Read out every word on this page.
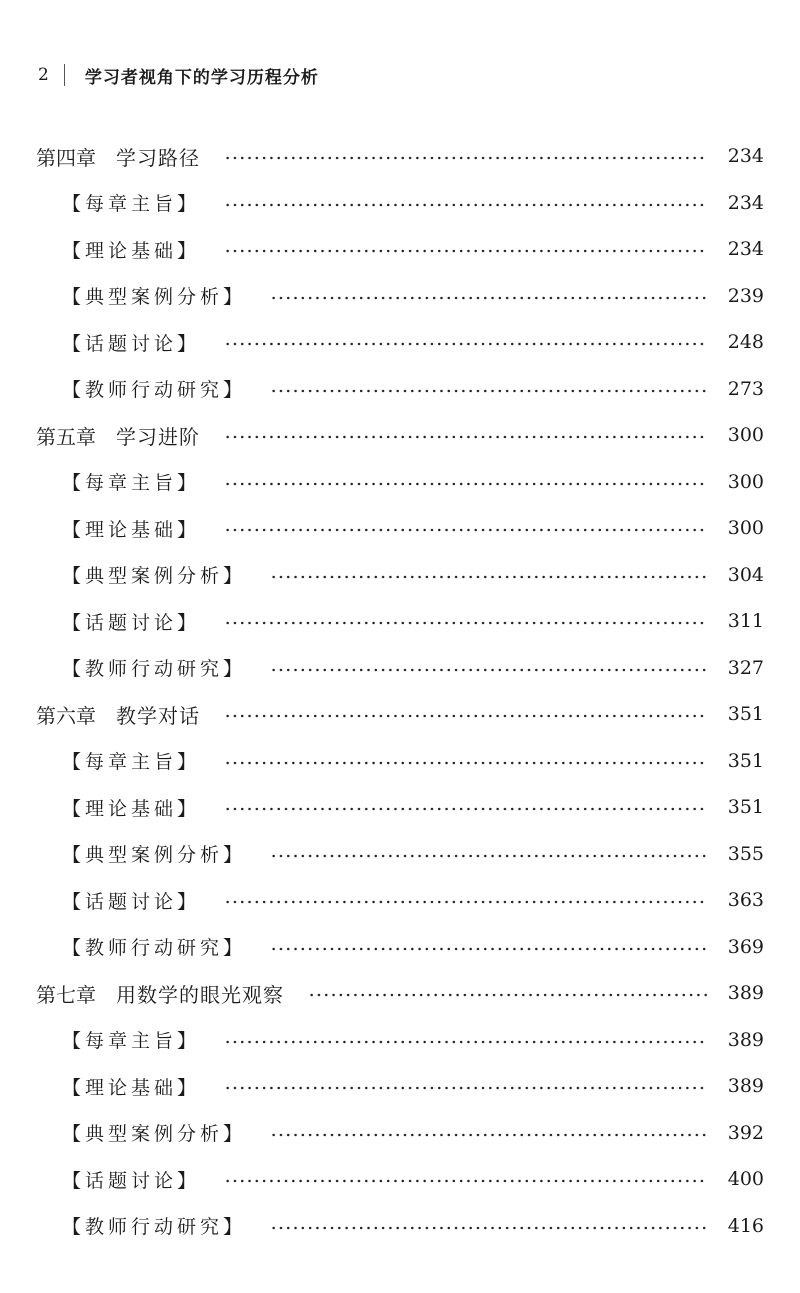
2 学习者视角下的学习历程分析
第四章 学习路径	234
【每章主旨】	234
【理论基础】	234
【典型案例分析】	239
【话题讨论】	248
【教师行动研究】	273
第五章 学习进阶	300
【每章主旨】	300
【理论基础】	300
【典型案例分析】	304
【话题讨论】	311
【教师行动研究】	327
第六章 教学对话	351
【每章主旨】	351
【理论基础】	351
【典型案例分析】	355
【话题讨论】	363
【教师行动研究】	369
第七章 用数学的眼光观察	389
【每章主旨】	389
【理论基础】	389
【典型案例分析】	392
【话题讨论】	400
【教师行动研究】	416
